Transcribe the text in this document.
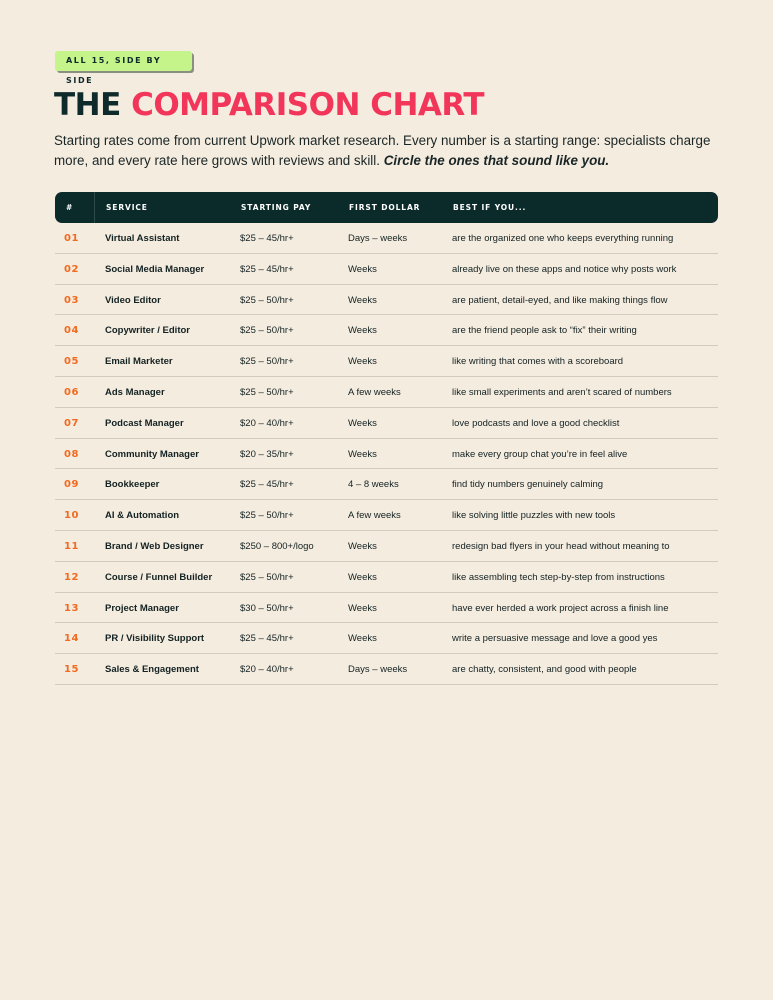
ALL 15, SIDE BY SIDE
THE COMPARISON CHART

Starting rates come from current Upwork market research. Every number is a starting range: specialists charge more, and every rate here grows with reviews and skill. Circle the ones that sound like you.

#	SERVICE	STARTING PAY	FIRST DOLLAR	BEST IF YOU...
01	Virtual Assistant	$25 – 45/hr+	Days – weeks	are the organized one who keeps everything running
02	Social Media Manager	$25 – 45/hr+	Weeks	already live on these apps and notice why posts work
03	Video Editor	$25 – 50/hr+	Weeks	are patient, detail-eyed, and like making things flow
04	Copywriter / Editor	$25 – 50/hr+	Weeks	are the friend people ask to “fix” their writing
05	Email Marketer	$25 – 50/hr+	Weeks	like writing that comes with a scoreboard
06	Ads Manager	$25 – 50/hr+	A few weeks	like small experiments and aren’t scared of numbers
07	Podcast Manager	$20 – 40/hr+	Weeks	love podcasts and love a good checklist
08	Community Manager	$20 – 35/hr+	Weeks	make every group chat you’re in feel alive
09	Bookkeeper	$25 – 45/hr+	4 – 8 weeks	find tidy numbers genuinely calming
10	AI & Automation	$25 – 50/hr+	A few weeks	like solving little puzzles with new tools
11	Brand / Web Designer	$250 – 800+/logo	Weeks	redesign bad flyers in your head without meaning to
12	Course / Funnel Builder	$25 – 50/hr+	Weeks	like assembling tech step-by-step from instructions
13	Project Manager	$30 – 50/hr+	Weeks	have ever herded a work project across a finish line
14	PR / Visibility Support	$25 – 45/hr+	Weeks	write a persuasive message and love a good yes
15	Sales & Engagement	$20 – 40/hr+	Days – weeks	are chatty, consistent, and good with people
